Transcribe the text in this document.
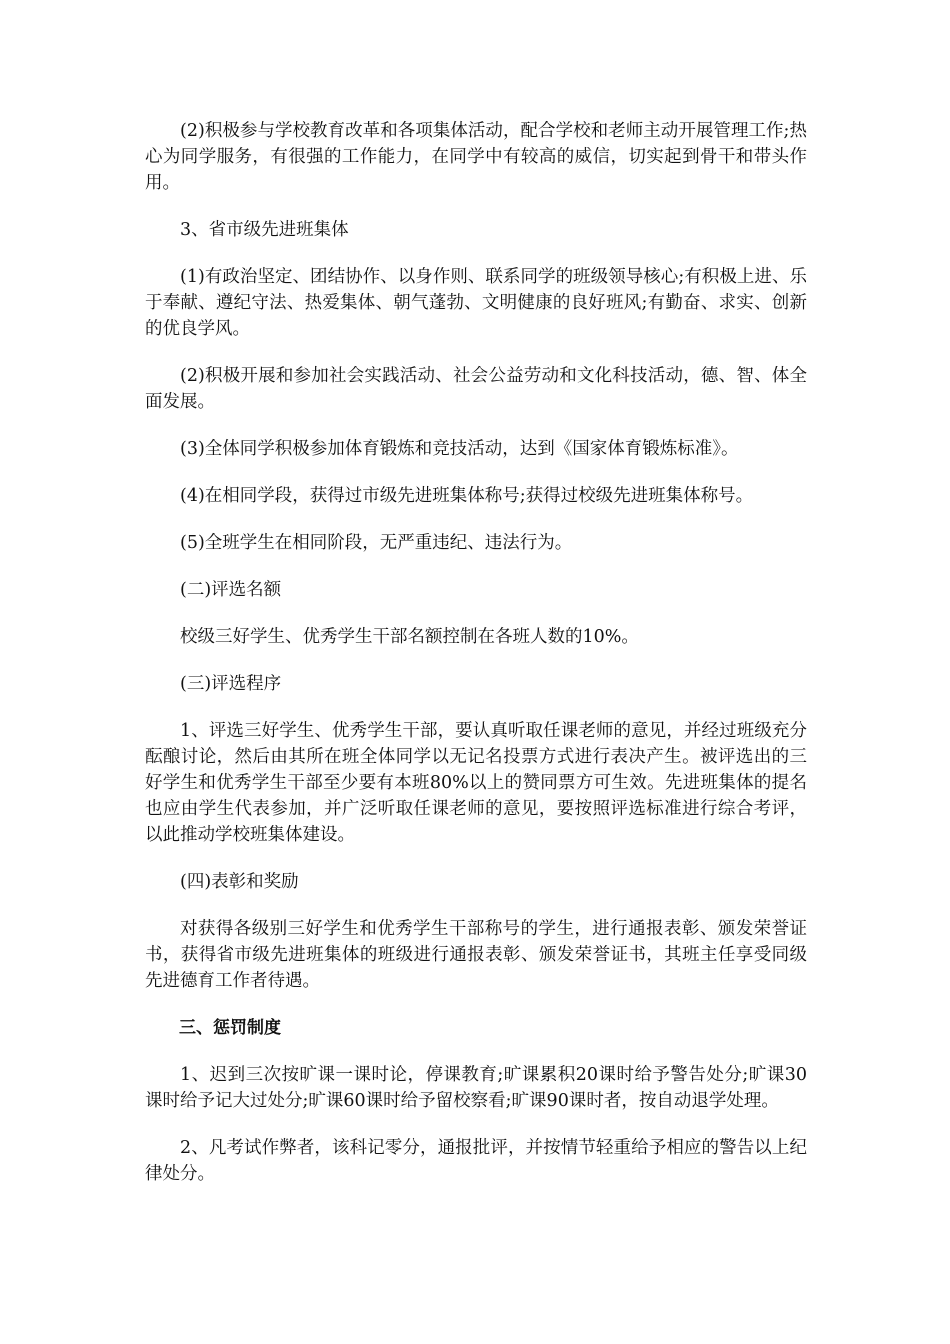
(2)积极参与学校教育改革和各项集体活动，配合学校和老师主动开展管理工作;热心为同学服务，有很强的工作能力，在同学中有较高的威信，切实起到骨干和带头作用。

3、省市级先进班集体

(1)有政治坚定、团结协作、以身作则、联系同学的班级领导核心;有积极上进、乐于奉献、遵纪守法、热爱集体、朝气蓬勃、文明健康的良好班风;有勤奋、求实、创新的优良学风。

(2)积极开展和参加社会实践活动、社会公益劳动和文化科技活动，德、智、体全面发展。

(3)全体同学积极参加体育锻炼和竞技活动，达到《国家体育锻炼标准》。

(4)在相同学段，获得过市级先进班集体称号;获得过校级先进班集体称号。

(5)全班学生在相同阶段，无严重违纪、违法行为。

(二)评选名额

校级三好学生、优秀学生干部名额控制在各班人数的10%。

(三)评选程序

1、评选三好学生、优秀学生干部，要认真听取任课老师的意见，并经过班级充分酝酿讨论，然后由其所在班全体同学以无记名投票方式进行表决产生。被评选出的三好学生和优秀学生干部至少要有本班80%以上的赞同票方可生效。先进班集体的提名也应由学生代表参加，并广泛听取任课老师的意见，要按照评选标准进行综合考评，以此推动学校班集体建设。

(四)表彰和奖励

对获得各级别三好学生和优秀学生干部称号的学生，进行通报表彰、颁发荣誉证书，获得省市级先进班集体的班级进行通报表彰、颁发荣誉证书，其班主任享受同级先进德育工作者待遇。

三、惩罚制度

1、迟到三次按旷课一课时论，停课教育;旷课累积20课时给予警告处分;旷课30课时给予记大过处分;旷课60课时给予留校察看;旷课90课时者，按自动退学处理。

2、凡考试作弊者，该科记零分，通报批评，并按情节轻重给予相应的警告以上纪律处分。
